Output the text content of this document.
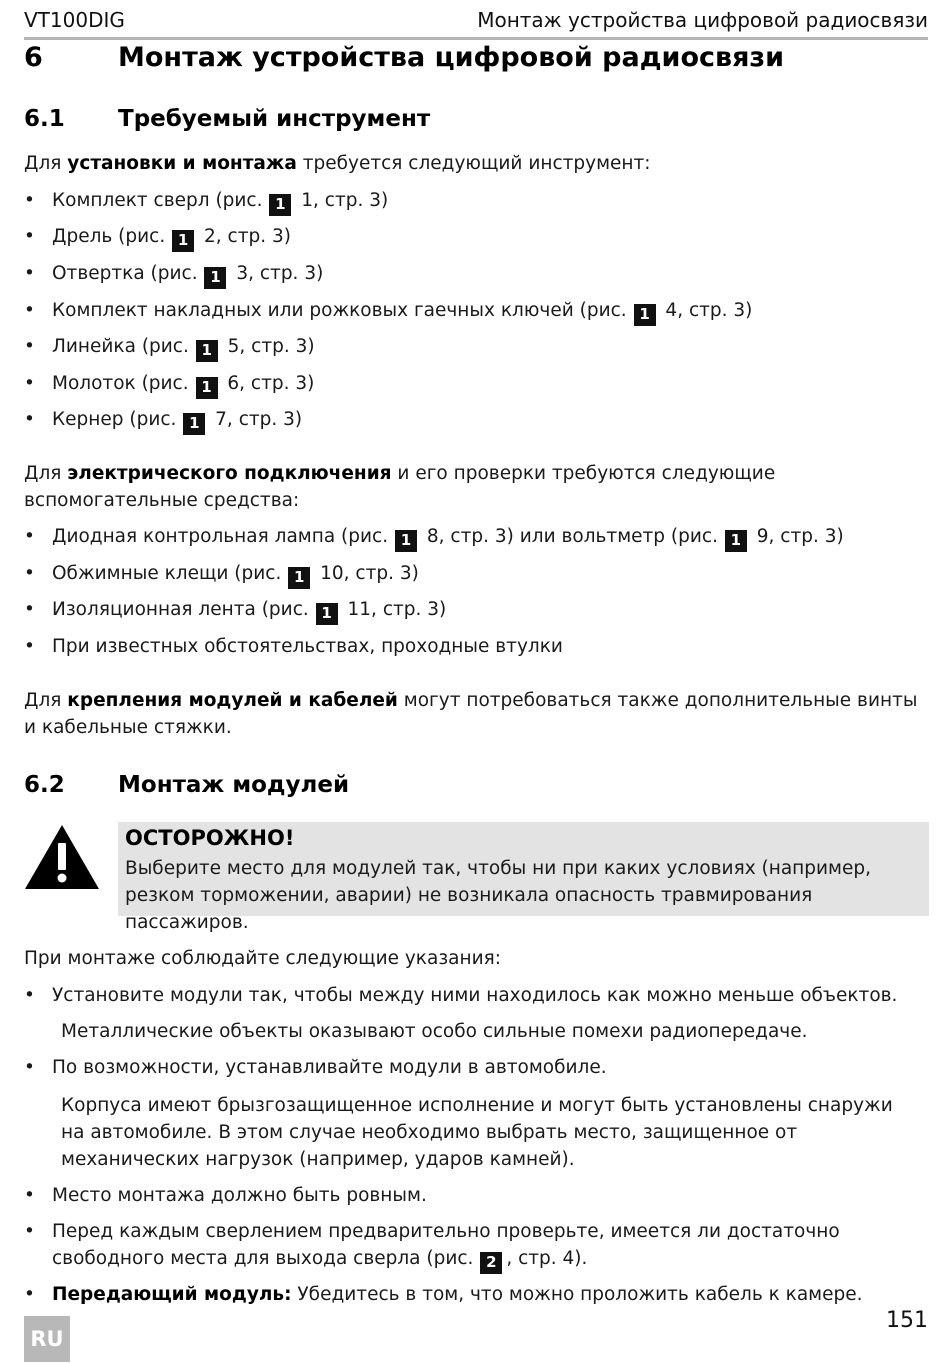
VT100DIG	Монтаж устройства цифровой радиосвязи
6	Монтаж устройства цифровой радиосвязи
6.1 Требуемый инструмент
Для установки и монтажа требуется следующий инструмент:
• Комплект сверл (рис. 1 1, стр. 3)
• Дрель (рис. 1 2, стр. 3)
• Отвертка (рис. 1 3, стр. 3)
• Комплект накладных или рожковых гаечных ключей (рис. 1 4, стр. 3)
• Линейка (рис. 1 5, стр. 3)
• Молоток (рис. 1 6, стр. 3)
• Кернер (рис. 1 7, стр. 3)
Для электрического подключения и его проверки требуются следующие вспомогательные средства:
• Диодная контрольная лампа (рис. 1 8, стр. 3) или вольтметр (рис. 1 9, стр. 3)
• Обжимные клещи (рис. 1 10, стр. 3)
• Изоляционная лента (рис. 1 11, стр. 3)
• При известных обстоятельствах, проходные втулки
Для крепления модулей и кабелей могут потребоваться также дополнительные винты и кабельные стяжки.
6.2 Монтаж модулей
ОСТОРОЖНО!
Выберите место для модулей так, чтобы ни при каких условиях (например, резком торможении, аварии) не возникала опасность травмирования пассажиров.
При монтаже соблюдайте следующие указания:
• Установите модули так, чтобы между ними находилось как можно меньше объектов.
Металлические объекты оказывают особо сильные помехи радиопередаче.
• По возможности, устанавливайте модули в автомобиле.
Корпуса имеют брызгозащищенное исполнение и могут быть установлены снаружи на автомобиле. В этом случае необходимо выбрать место, защищенное от механических нагрузок (например, ударов камней).
• Место монтажа должно быть ровным.
• Перед каждым сверлением предварительно проверьте, имеется ли достаточно свободного места для выхода сверла (рис. 2 , стр. 4).
• Передающий модуль: Убедитесь в том, что можно проложить кабель к камере.
RU
151
